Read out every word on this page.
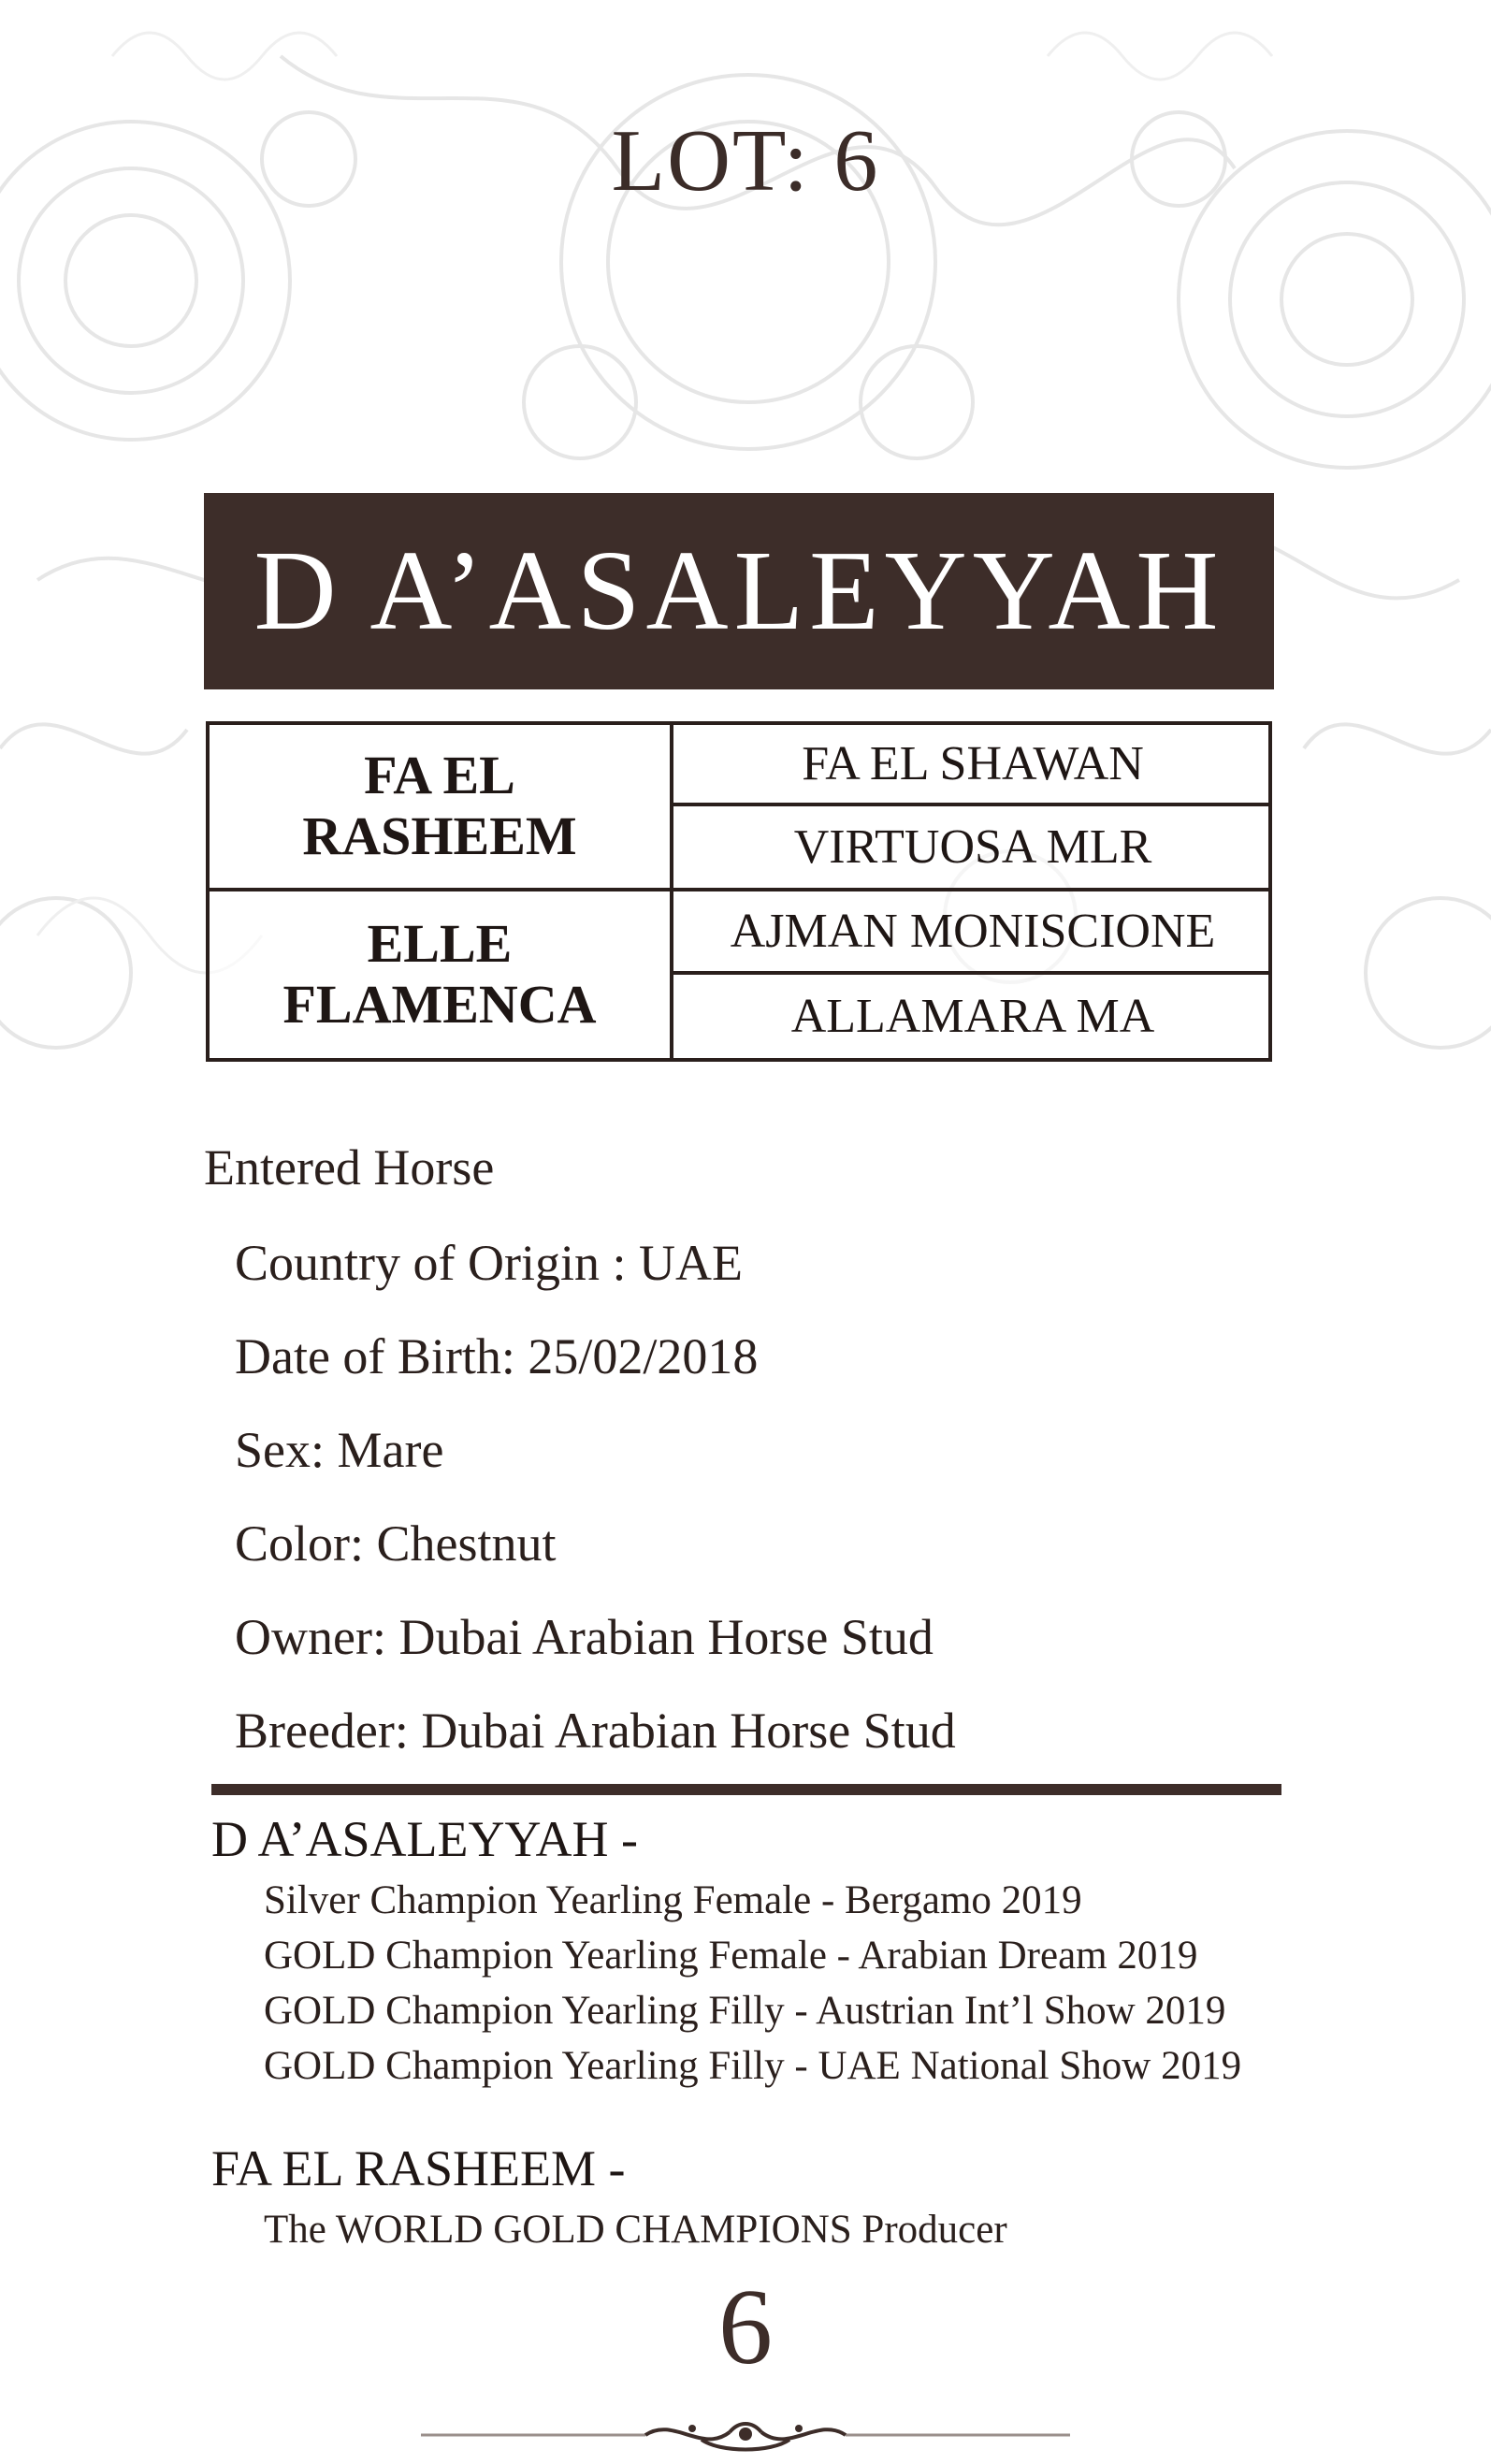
LOT: 6
D A’ASALEYYAH
FA EL
RASHEEM
FA EL SHAWAN
VIRTUOSA MLR
ELLE
FLAMENCA
AJMAN MONISCIONE
ALLAMARA MA
Entered Horse
Country of Origin : UAE
Date of Birth: 25/02/2018
Sex: Mare
Color: Chestnut
Owner: Dubai Arabian Horse Stud
Breeder: Dubai Arabian Horse Stud
D A’ASALEYYAH -
Silver Champion Yearling Female - Bergamo 2019
GOLD Champion Yearling Female - Arabian Dream 2019
GOLD Champion Yearling Filly - Austrian Int’l Show 2019
GOLD Champion Yearling Filly - UAE National Show 2019
FA EL RASHEEM -
The WORLD GOLD CHAMPIONS Producer
6
